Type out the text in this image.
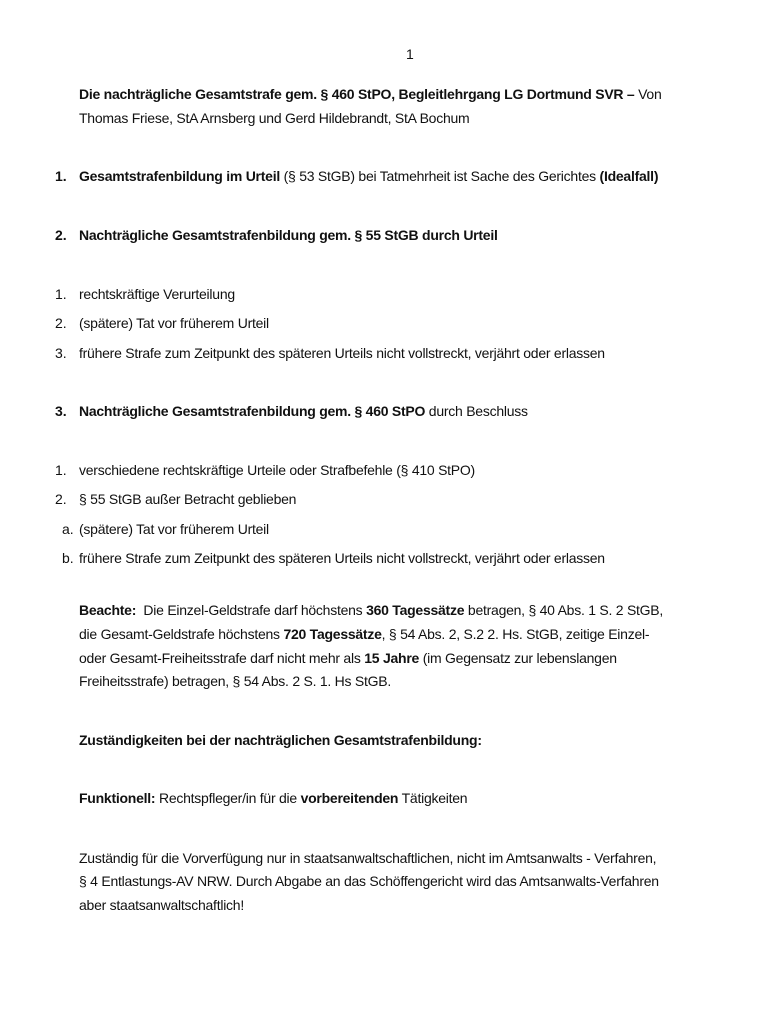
1
Die nachträgliche Gesamtstrafe gem. § 460 StPO, Begleitlehrgang LG Dortmund SVR – Von
Thomas Friese, StA Arnsberg und Gerd Hildebrandt, StA Bochum
1. Gesamtstrafenbildung im Urteil (§ 53 StGB) bei Tatmehrheit ist Sache des Gerichtes (Idealfall)
2. Nachträgliche Gesamtstrafenbildung gem. § 55 StGB durch Urteil
1. rechtskräftige Verurteilung
2. (spätere) Tat vor früherem Urteil
3. frühere Strafe zum Zeitpunkt des späteren Urteils nicht vollstreckt, verjährt oder erlassen
3. Nachträgliche Gesamtstrafenbildung gem. § 460 StPO durch Beschluss
1. verschiedene rechtskräftige Urteile oder Strafbefehle (§ 410 StPO)
2. § 55 StGB außer Betracht geblieben
a. (spätere) Tat vor früherem Urteil
b. frühere Strafe zum Zeitpunkt des späteren Urteils nicht vollstreckt, verjährt oder erlassen
Beachte:  Die Einzel-Geldstrafe darf höchstens 360 Tagessätze betragen, § 40 Abs. 1 S. 2 StGB,
die Gesamt-Geldstrafe höchstens 720 Tagessätze, § 54 Abs. 2, S.2 2. Hs. StGB, zeitige Einzel-
oder Gesamt-Freiheitsstrafe darf nicht mehr als 15 Jahre (im Gegensatz zur lebenslangen
Freiheitsstrafe) betragen, § 54 Abs. 2 S. 1. Hs StGB.
Zuständigkeiten bei der nachträglichen Gesamtstrafenbildung:
Funktionell: Rechtspfleger/in für die vorbereitenden Tätigkeiten
Zuständig für die Vorverfügung nur in staatsanwaltschaftlichen, nicht im Amtsanwalts - Verfahren,
§ 4 Entlastungs-AV NRW. Durch Abgabe an das Schöffengericht wird das Amtsanwalts-Verfahren
aber staatsanwaltschaftlich!
